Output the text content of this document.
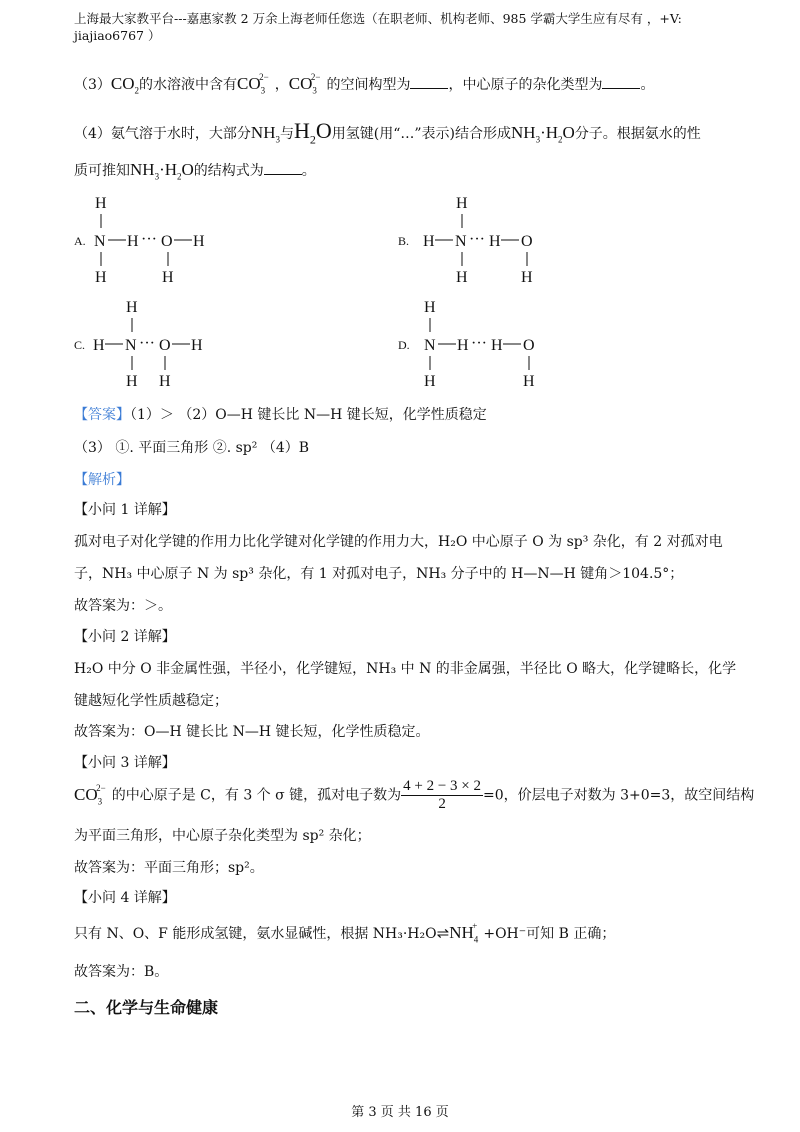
上海最大家教平台---嘉惠家教 2 万余上海老师任您选（在职老师、机构老师、985 学霸大学生应有尽有 ，+V: jiajiao6767 ）
$(3)CO_2$的水溶液中含有$CO_3^{2-}$ ，$CO_3^{2-}$ 的空间构型为	，中心原子的杂化类型为	。
（4）氨气溶于水时，大部分$NH_3$与$H_2O$用氢键(用“…”表示)结合形成$NH_3\cdot H_2O$分子。根据氨水的性
质可推知$NH_3\cdot H_2O$的结构式为	。
A.
H
N H ··· O H
H	H
B.
H
H N ··· H O
H	H
C.
H
H N ··· O H
H H
D.
H
N H ··· H O
H	H
【答案】（1）＞ （2）O—H 键长比 N—H 键长短，化学性质稳定
（3） ①. 平面三角形 ②. sp² （4）B
【解析】
【小问 1 详解】
孤对电子对化学键的作用力比化学键对化学键的作用力大，H₂O 中心原子 O 为 sp³ 杂化，有 2 对孤对电
子，NH₃ 中心原子 N 为 sp³ 杂化，有 1 对孤对电子，NH₃ 分子中的 H—N—H 键角＞104.5°；
故答案为：＞。
【小问 2 详解】
H₂O 中分 O 非金属性强，半径小，化学键短，NH₃ 中 N 的非金属强，半径比 O 略大，化学键略长，化学
键越短化学性质越稳定；
故答案为：O—H 键长比 N—H 键长短，化学性质稳定。
【小问 3 详解】
$CO_3^{2-}$ 的中心原子是 C，有 3 个 σ 键，孤对电子数为 $\frac{4 + 2 - 3 \times 2}{2} =0$，价层电子对数为 3+0=3，故空间结构
为平面三角形，中心原子杂化类型为 sp² 杂化；
故答案为：平面三角形；sp²。
【小问 4 详解】
只有 N、O、F 能形成氢键，氨水显碱性，根据 $NH_3\cdot H_2O\rightleftharpoons NH_4^+ +OH^-$可知 B 正确；
故答案为：B。
二、化学与生命健康
第 3 页 共 16 页
